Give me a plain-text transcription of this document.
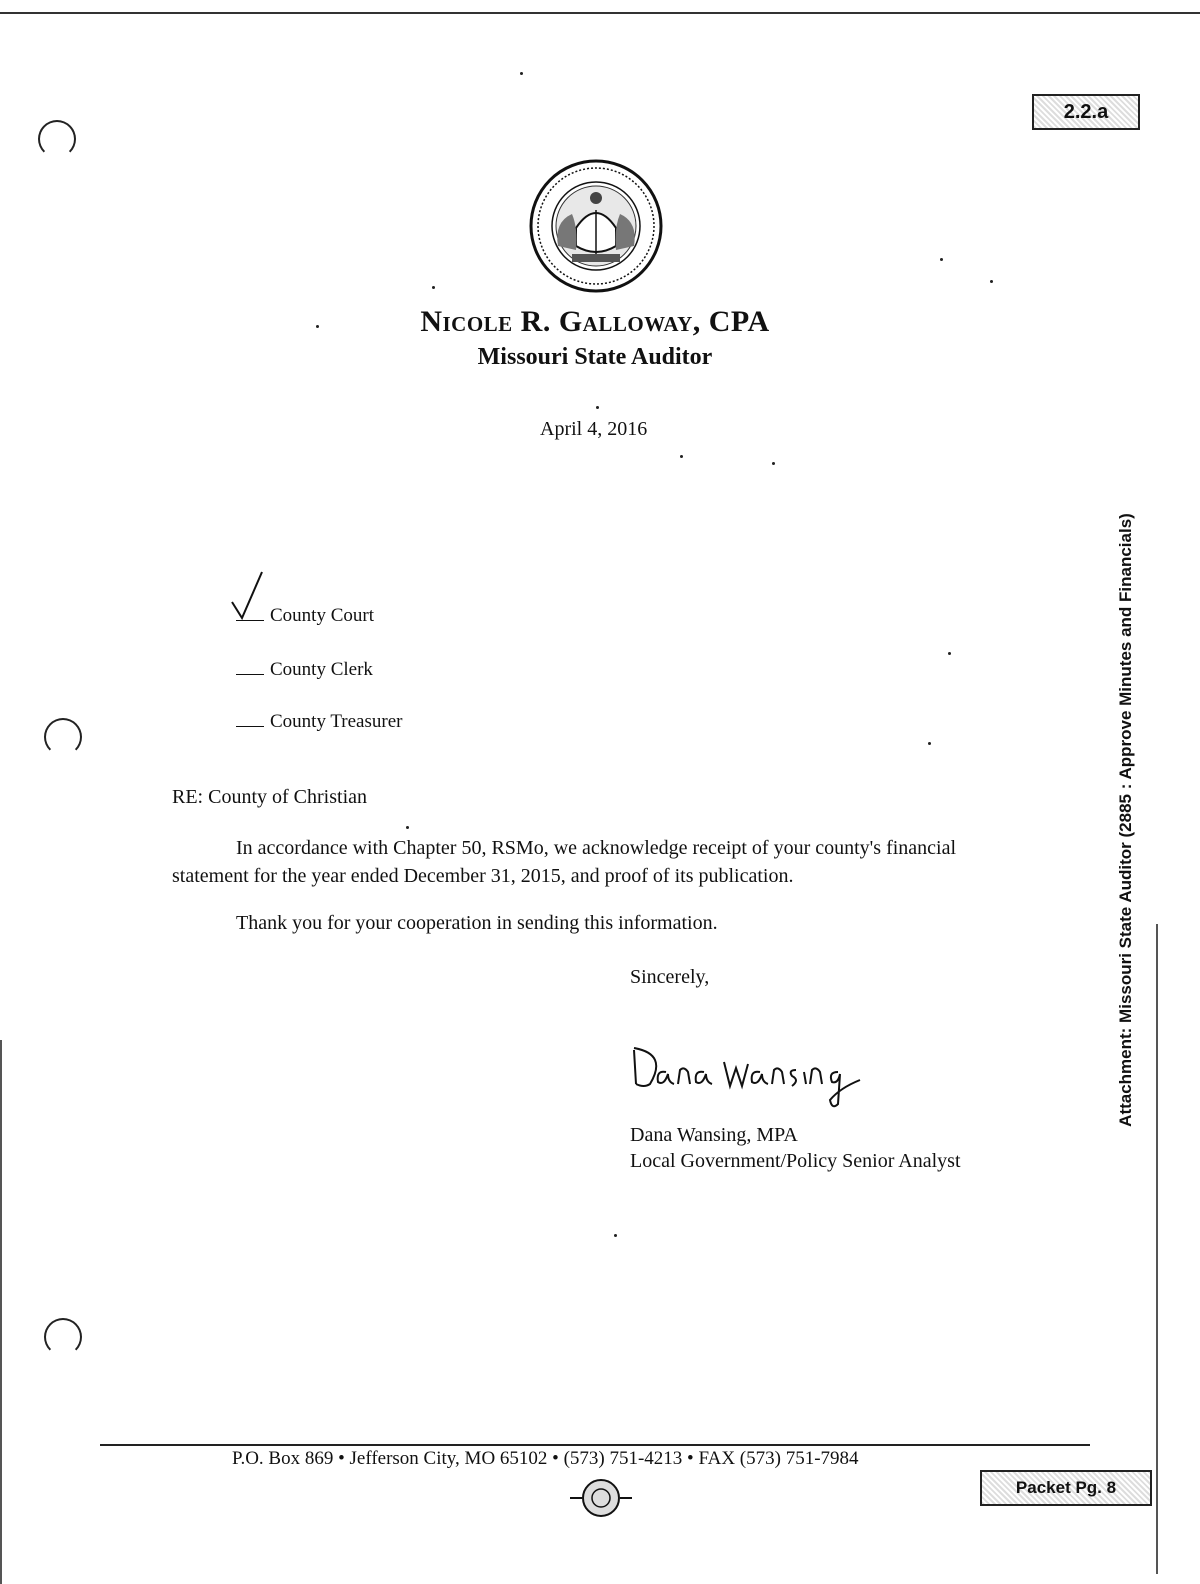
2.2.a
Nicole R. Galloway, CPA
Missouri State Auditor
April 4, 2016
County Court
County Clerk
County Treasurer
RE: County of Christian
In accordance with Chapter 50, RSMo, we acknowledge receipt of your county's financial statement for the year ended December 31, 2015, and proof of its publication.
Thank you for your cooperation in sending this information.
Sincerely,
Dana Wansing, MPA
Local Government/Policy Senior Analyst
Attachment: Missouri State Auditor (2885 : Approve Minutes and Financials)
P.O. Box 869 • Jefferson City, MO 65102 • (573) 751-4213 • FAX (573) 751-7984
Packet Pg. 8
